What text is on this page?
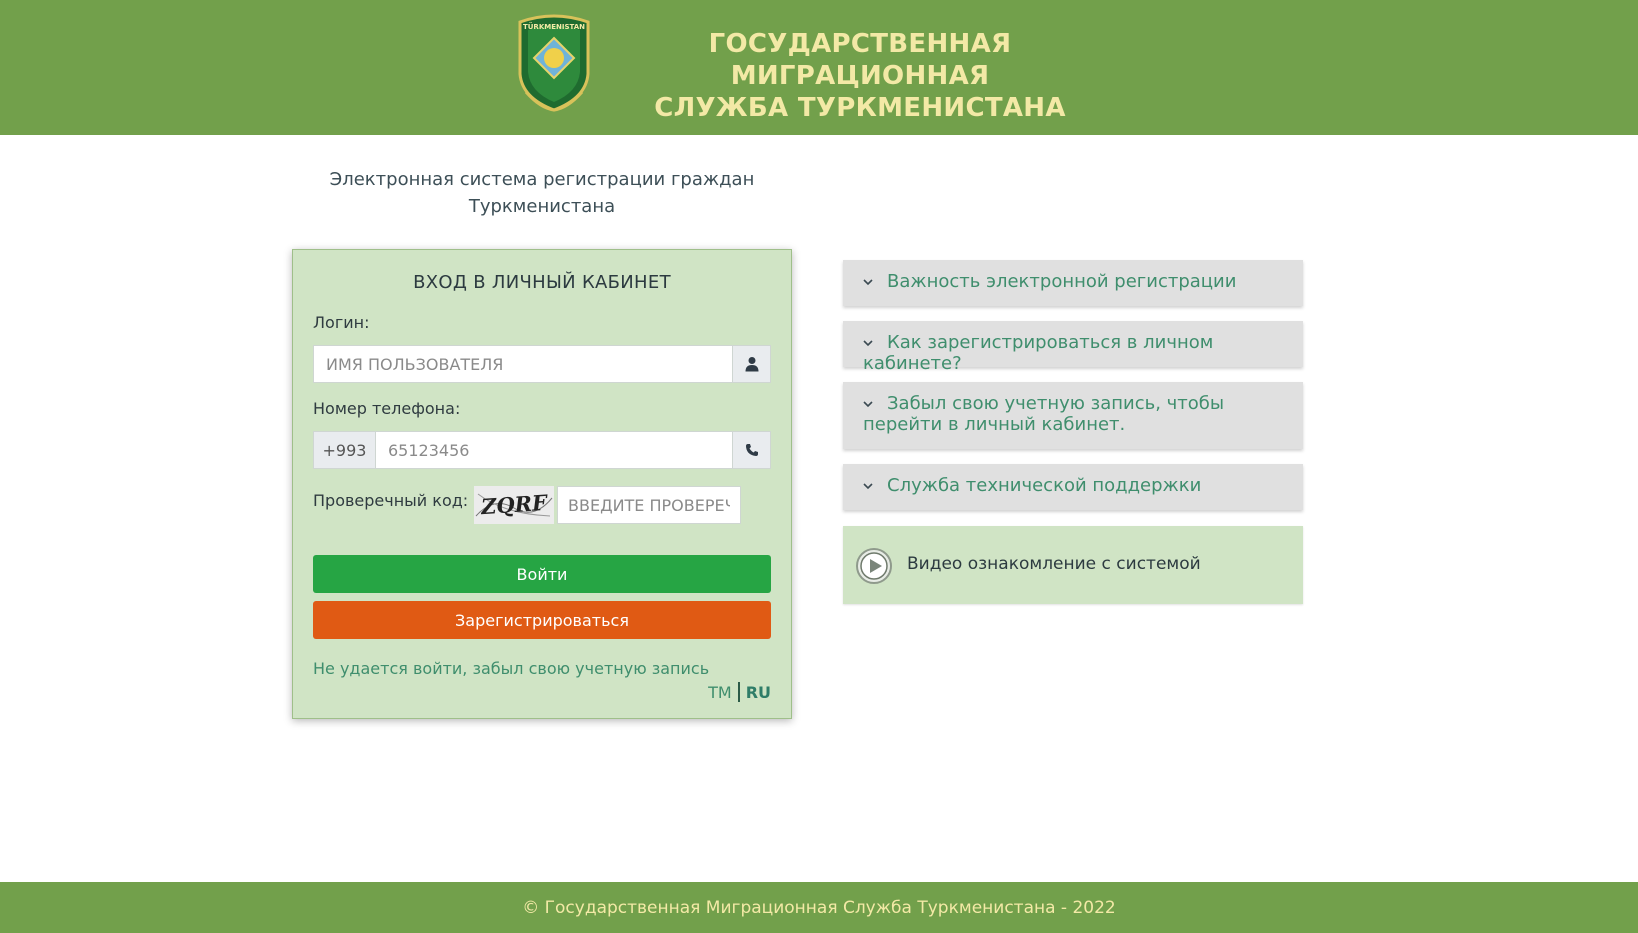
TÜRKMENISTAN
ГОСУДАРСТВЕННАЯ МИГРАЦИОННАЯ
СЛУЖБА ТУРКМЕНИСТАНА
Электронная система регистрации граждан
Туркменистана
ВХОД В ЛИЧНЫЙ КАБИНЕТ
Логин:
ИМЯ ПОЛЬЗОВАТЕЛЯ
Номер телефона:
+993
65123456
Проверечный код: ZQRF
ВВЕДИТЕ ПРОВЕРЕЧНЫЙ КОД
Войти
Зарегистрироваться
Не удается войти, забыл свою учетную запись
TM RU
Важность электронной регистрации
Как зарегистрироваться в личном кабинете?
Забыл свою учетную запись, чтобы перейти в личный кабинет.
Служба технической поддержки
Видео ознакомление с системой
© Государственная Миграционная Служба Туркменистана - 2022
